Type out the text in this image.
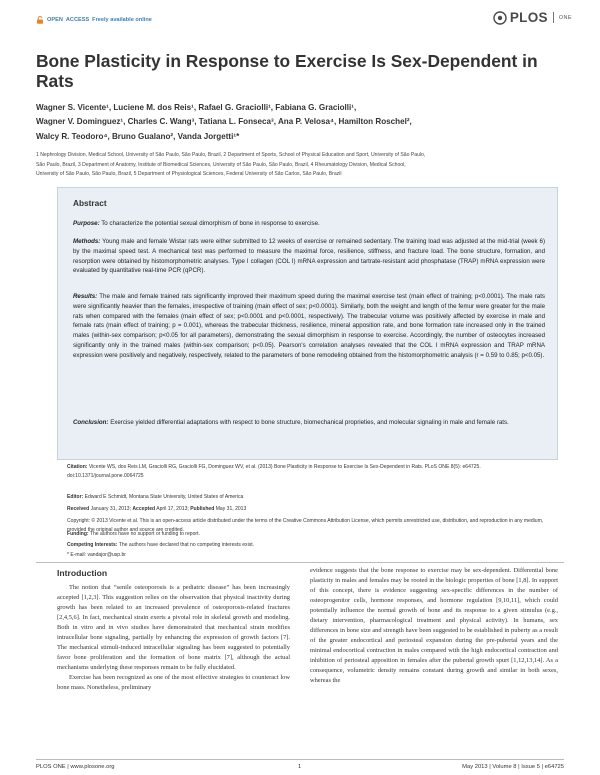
OPEN ACCESS Freely available online	PLOS ONE
Bone Plasticity in Response to Exercise Is Sex-Dependent in Rats
Wagner S. Vicente¹, Luciene M. dos Reis¹, Rafael G. Graciolli¹, Fabiana G. Graciolli¹,
Wagner V. Dominguez¹, Charles C. Wang³, Tatiana L. Fonseca³, Ana P. Velosa⁴, Hamilton Roschel²,
Walcy R. Teodoro⁴, Bruno Gualano², Vanda Jorgetti¹*
1 Nephrology Division, Medical School, University of São Paulo, São Paulo, Brazil, 2 Department of Sports, School of Physical Education and Sport, University of São Paulo,
São Paulo, Brazil, 3 Department of Anatomy, Institute of Biomedical Sciences, University of São Paulo, São Paulo, Brazil, 4 Rheumatology Division, Medical School,
University of São Paulo, São Paulo, Brazil, 5 Department of Physiological Sciences, Federal University of São Carlos, São Paulo, Brazil
Abstract

Purpose: To characterize the potential sexual dimorphism of bone in response to exercise.

Methods: Young male and female Wistar rats were either submitted to 12 weeks of exercise or remained sedentary. The training load was adjusted at the mid-trial (week 6) by the maximal speed test. A mechanical test was performed to measure the maximal force, resilience, stiffness, and fracture load. The bone structure, formation, and resorption were obtained by histomorphometric analyses. Type I collagen (COL I) mRNA expression and tartrate-resistant acid phosphatase (TRAP) mRNA expression were evaluated by quantitative real-time PCR (qPCR).

Results: The male and female trained rats significantly improved their maximum speed during the maximal exercise test (main effect of training; p<0.0001). The male rats were significantly heavier than the females, irrespective of training (main effect of sex; p<0.0001). Similarly, both the weight and length of the femur were greater for the male rats when compared with the females (main effect of sex; p<0.0001 and p<0.0001, respectively). The trabecular volume was positively affected by exercise in male and female rats (main effect of training; p = 0.001), whereas the trabecular thickness, resilience, mineral apposition rate, and bone formation rate increased only in the trained males (within-sex comparison; p<0.05 for all parameters), demonstrating the sexual dimorphism in response to exercise. Accordingly, the number of osteocytes increased significantly only in the trained males (within-sex comparison; p<0.05). Pearson's correlation analyses revealed that the COL I mRNA expression and TRAP mRNA expression were positively and negatively, respectively, related to the parameters of bone remodeling obtained from the histomorphometric analysis (r = 0.59 to 0.85; p<0.05).

Conclusion: Exercise yielded differential adaptations with respect to bone structure, biomechanical proprieties, and molecular signaling in male and female rats.

Citation: Vicente WS, dos Reis LM, Graciolli RG, Graciolli FG, Dominguez WV, et al. (2013) Bone Plasticity in Response to Exercise Is Sex-Dependent in Rats. PLoS ONE 8(5): e64725. doi:10.1371/journal.pone.0064725
Editor: Edward E Schmidt, Montana State University, United States of America
Received January 31, 2013; Accepted April 17, 2013; Published May 31, 2013
Copyright: © 2013 Vicente et al. This is an open-access article distributed under the terms of the Creative Commons Attribution License, which permits unrestricted use, distribution, and reproduction in any medium, provided the original author and source are credited.
Funding: The authors have no support or funding to report.
Competing Interests: The authors have declared that no competing interests exist.
* E-mail: vandajor@usp.br
Introduction

The notion that “senile osteoporosis is a pediatric disease” has been increasingly accepted [1,2,3]. This suggestion relies on the observation that physical inactivity during growth has been related to an increased prevalence of osteoporosis-related fractures [2,4,5,6]. In fact, mechanical strain exerts a pivotal role in skeletal growth and modeling. Both in vitro and in vivo studies have demonstrated that mechanical strain modifies intracellular bone signaling, partially by enhancing the expression of growth factors [7]. The mechanical stimuli-induced intracellular signaling has been suggested to potentially favor bone proliferation and the formation of bone matrix [7], although the actual mechanisms underlying these responses remain to be fully elucidated.

Exercise has been recognized as one of the most effective strategies to counteract low bone mass. Nonetheless, preliminary

evidence suggests that the bone response to exercise may be sex-dependent. Differential bone plasticity in males and females may be rooted in the biologic properties of bone [1,8]. In support of this concept, there is evidence suggesting sex-specific differences in the number of osteoprogenitor cells, hormone responses, and hormone regulation [9,10,11], which could potentially influence the normal growth of bone and its response to a given stimulus (e.g., dietary intervention, pharmacological treatment and physical activity). In humans, sex differences in bone size and strength have been suggested to be established in puberty as a result of the greater endocortical and periosteal expansion during the pre-pubertal years and the minimal endocortical contraction in males compared with the high endocortical contraction and inhibition of periosteal apposition in females after the pubertal growth spurt [1,12,13,14]. As a consequence, volumetric density remains constant during growth and similar in both sexes, whereas the

PLOS ONE | www.plosone.org	1	May 2013 | Volume 8 | Issue 5 | e64725
